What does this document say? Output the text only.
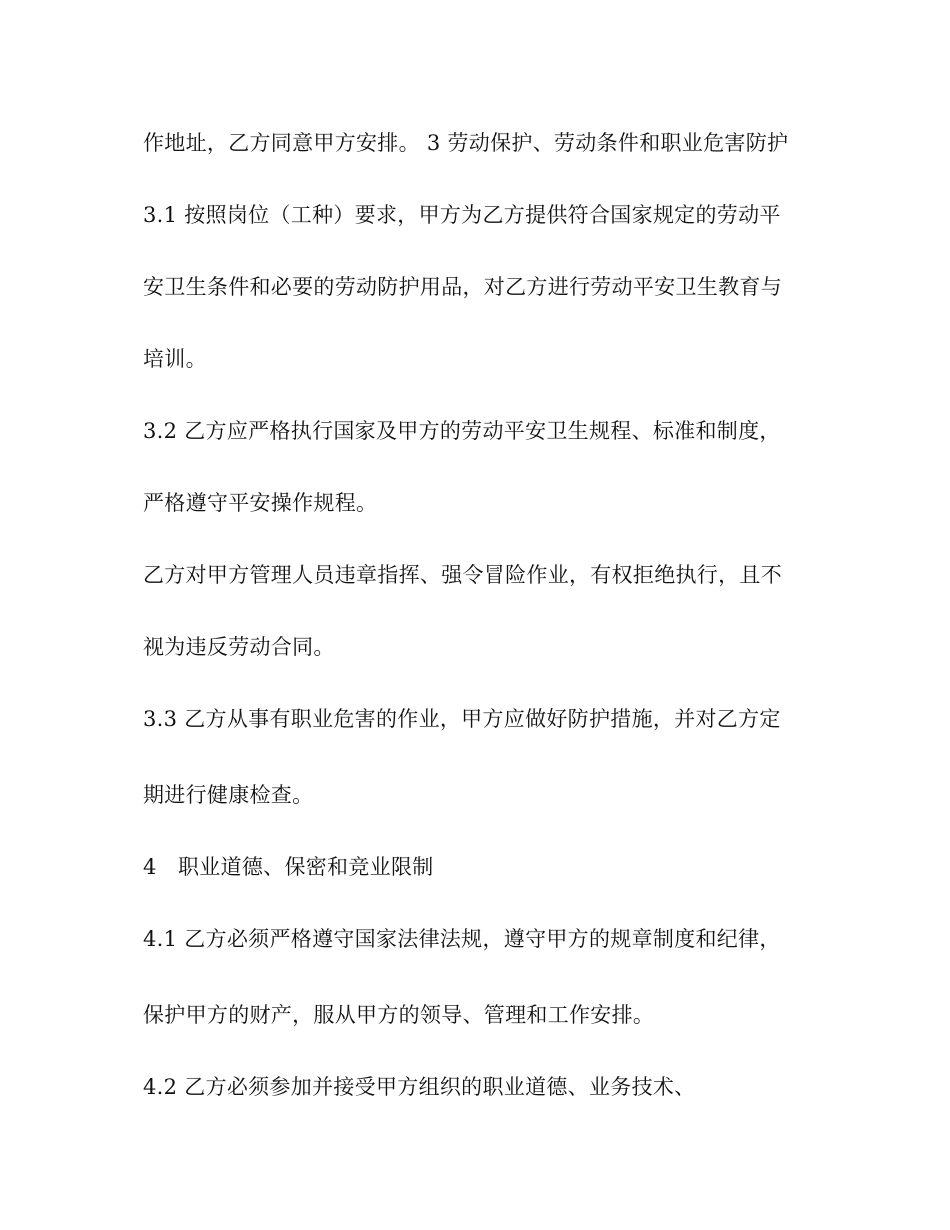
作地址，乙方同意甲方安排。 3 劳动保护、劳动条件和职业危害防护
3.1 按照岗位（工种）要求，甲方为乙方提供符合国家规定的劳动平
安卫生条件和必要的劳动防护用品，对乙方进行劳动平安卫生教育与
培训。
3.2 乙方应严格执行国家及甲方的劳动平安卫生规程、标准和制度，
严格遵守平安操作规程。
乙方对甲方管理人员违章指挥、强令冒险作业，有权拒绝执行，且不
视为违反劳动合同。
3.3 乙方从事有职业危害的作业，甲方应做好防护措施，并对乙方定
期进行健康检查。
4　职业道德、保密和竞业限制
4.1 乙方必须严格遵守国家法律法规，遵守甲方的规章制度和纪律，
保护甲方的财产，服从甲方的领导、管理和工作安排。
4.2 乙方必须参加并接受甲方组织的职业道德、业务技术、
